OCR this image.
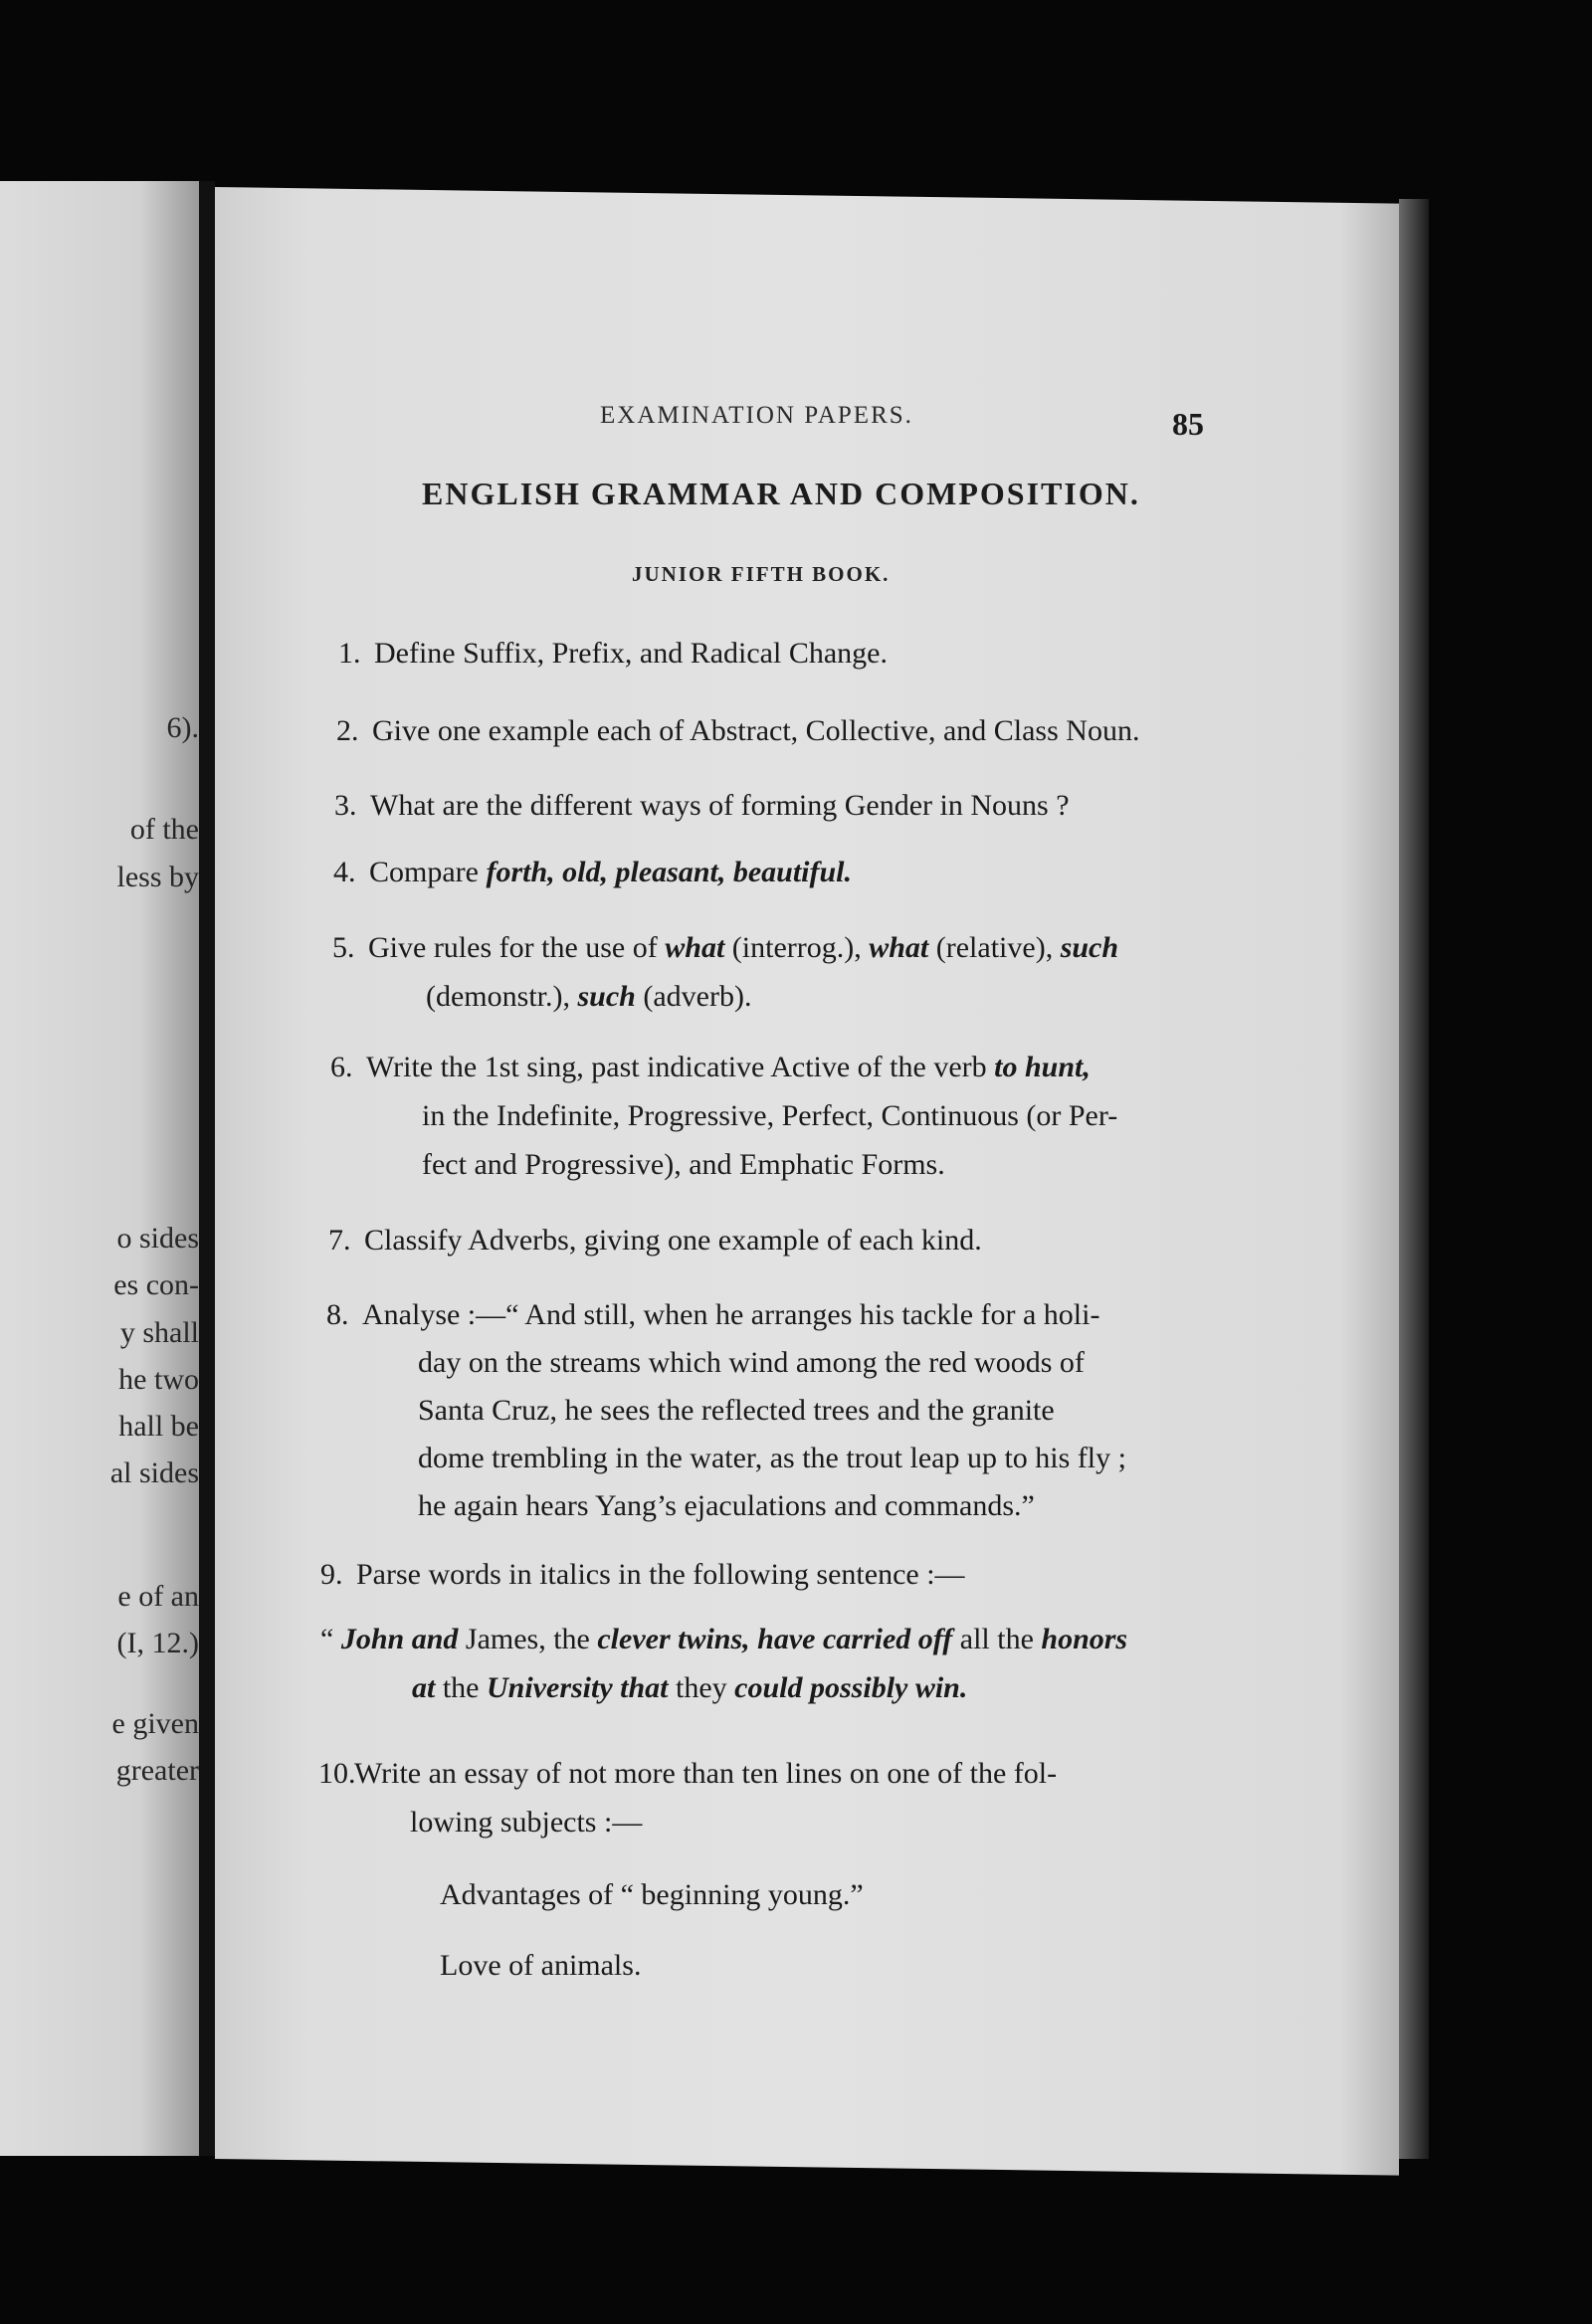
6).
of the
less by
o sides
es con-
y shall
he two
hall be
al sides
e of an
(I, 12.)
e given
greater
EXAMINATION PAPERS.	85
ENGLISH GRAMMAR AND COMPOSITION.
JUNIOR FIFTH BOOK.
1. Define Suffix, Prefix, and Radical Change.
2. Give one example each of Abstract, Collective, and Class Noun.
3. What are the different ways of forming Gender in Nouns ?
4. Compare forth, old, pleasant, beautiful.
5. Give rules for the use of what (interrog.), what (relative), such
(demonstr.), such (adverb).
6. Write the 1st sing, past indicative Active of the verb to hunt,
in the Indefinite, Progressive, Perfect, Continuous (or Per-
fect and Progressive), and Emphatic Forms.
7. Classify Adverbs, giving one example of each kind.
8. Analyse :—“ And still, when he arranges his tackle for a holi-
day on the streams which wind among the red woods of
Santa Cruz, he sees the reflected trees and the granite
dome trembling in the water, as the trout leap up to his fly ;
he again hears Yang’s ejaculations and commands.”
9. Parse words in italics in the following sentence :—
“ John and James, the clever twins, have carried off all the honors
at the University that they could possibly win.
10.Write an essay of not more than ten lines on one of the fol-
lowing subjects :—
Advantages of “ beginning young.”
Love of animals.
